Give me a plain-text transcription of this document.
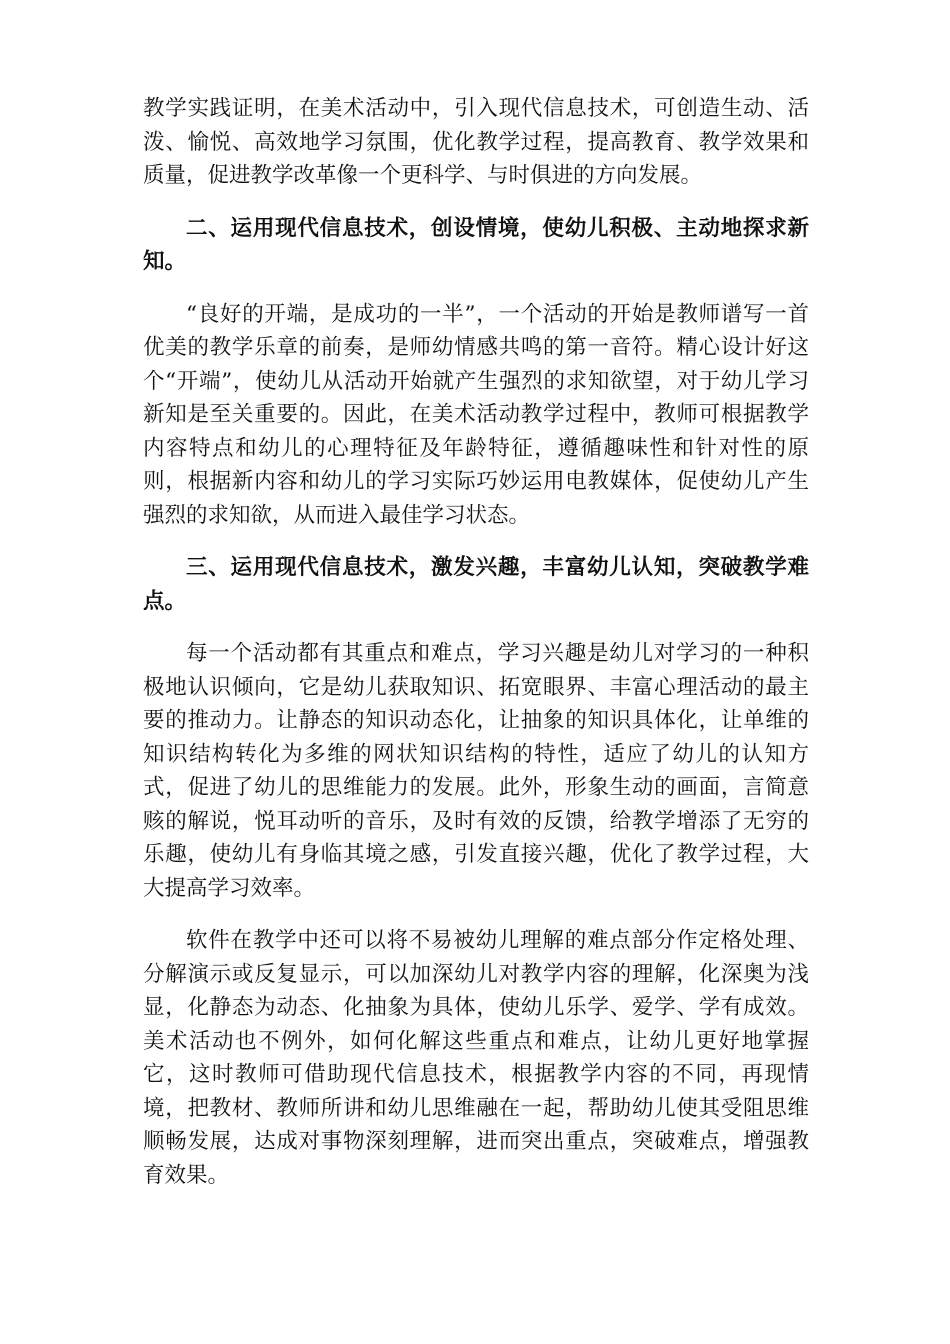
教学实践证明，在美术活动中，引入现代信息技术，可创造生动、活泼、愉悦、高效地学习氛围，优化教学过程，提高教育、教学效果和质量，促进教学改革像一个更科学、与时俱进的方向发展。

二、运用现代信息技术，创设情境，使幼儿积极、主动地探求新知。

“良好的开端，是成功的一半”，一个活动的开始是教师谱写一首优美的教学乐章的前奏，是师幼情感共鸣的第一音符。精心设计好这个“开端”，使幼儿从活动开始就产生强烈的求知欲望，对于幼儿学习新知是至关重要的。因此，在美术活动教学过程中，教师可根据教学内容特点和幼儿的心理特征及年龄特征，遵循趣味性和针对性的原则，根据新内容和幼儿的学习实际巧妙运用电教媒体，促使幼儿产生强烈的求知欲，从而进入最佳学习状态。

三、运用现代信息技术，激发兴趣，丰富幼儿认知，突破教学难点。

每一个活动都有其重点和难点，学习兴趣是幼儿对学习的一种积极地认识倾向，它是幼儿获取知识、拓宽眼界、丰富心理活动的最主要的推动力。让静态的知识动态化，让抽象的知识具体化，让单维的知识结构转化为多维的网状知识结构的特性，适应了幼儿的认知方式，促进了幼儿的思维能力的发展。此外，形象生动的画面，言简意赅的解说，悦耳动听的音乐，及时有效的反馈，给教学增添了无穷的乐趣，使幼儿有身临其境之感，引发直接兴趣，优化了教学过程，大大提高学习效率。

软件在教学中还可以将不易被幼儿理解的难点部分作定格处理、分解演示或反复显示，可以加深幼儿对教学内容的理解，化深奥为浅显，化静态为动态、化抽象为具体，使幼儿乐学、爱学、学有成效。美术活动也不例外，如何化解这些重点和难点，让幼儿更好地掌握它，这时教师可借助现代信息技术，根据教学内容的不同，再现情境，把教材、教师所讲和幼儿思维融在一起，帮助幼儿使其受阻思维顺畅发展，达成对事物深刻理解，进而突出重点，突破难点，增强教育效果。
